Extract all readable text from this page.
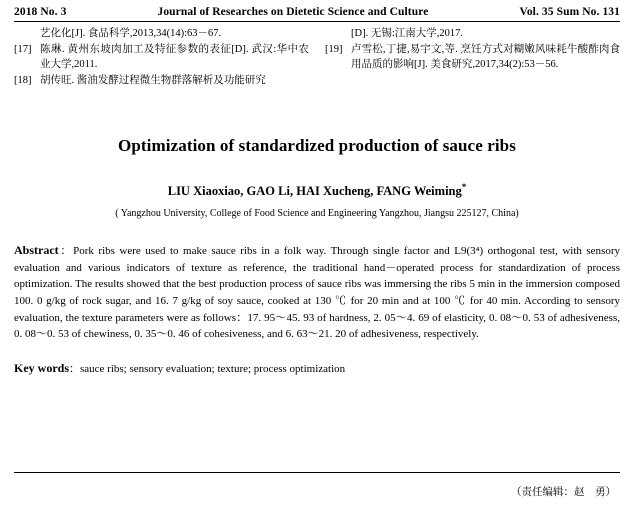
2018 No. 3	Journal of Researches on Dietetic Science and Culture	Vol. 35 Sum No. 131
艺化化[J]. 食品科学,2013,34(14):63－67.
[17] 陈琳. 黄州东坡肉加工及特征参数的表征[D]. 武汉:华中农业大学,2011.
[18] 胡传旺. 酱油发酵过程微生物群落解析及功能研究
[D]. 无锡:江南大学,2017.
[19] 卢雪松,丁捷,易宇文,等. 烹饪方式对糊嫩风味耗牛酸酢肉食用品质的影响[J]. 美食研究,2017,34(2):53－56.
Optimization of standardized production of sauce ribs
LIU Xiaoxiao, GAO Li, HAI Xucheng, FANG Weiming*
( Yangzhou University, College of Food Science and Engineering Yangzhou, Jiangsu 225127, China)
Abstract：Pork ribs were used to make sauce ribs in a folk way. Through single factor and L9(3⁴) orthogonal test, with sensory evaluation and various indicators of texture as reference, the traditional hand－operated process for standardization of process optimization. The results showed that the best production process of sauce ribs was immersing the ribs 5 min in the immersion composed 100. 0 g/kg of rock sugar, and 16. 7 g/kg of soy sauce, cooked at 130 ℃ for 20 min and at 100 ℃ for 40 min. According to sensory evaluation, the texture parameters were as follows：17. 95～45. 93 of hardness, 2. 05～4. 69 of elasticity, 0. 08～0. 53 of adhesiveness, 0. 08～0. 53 of chewiness, 0. 35～0. 46 of cohesiveness, and 6. 63～21. 20 of adhesiveness, respectively.
Key words：sauce ribs; sensory evaluation; texture; process optimization
（责任编辑：赵　勇）
